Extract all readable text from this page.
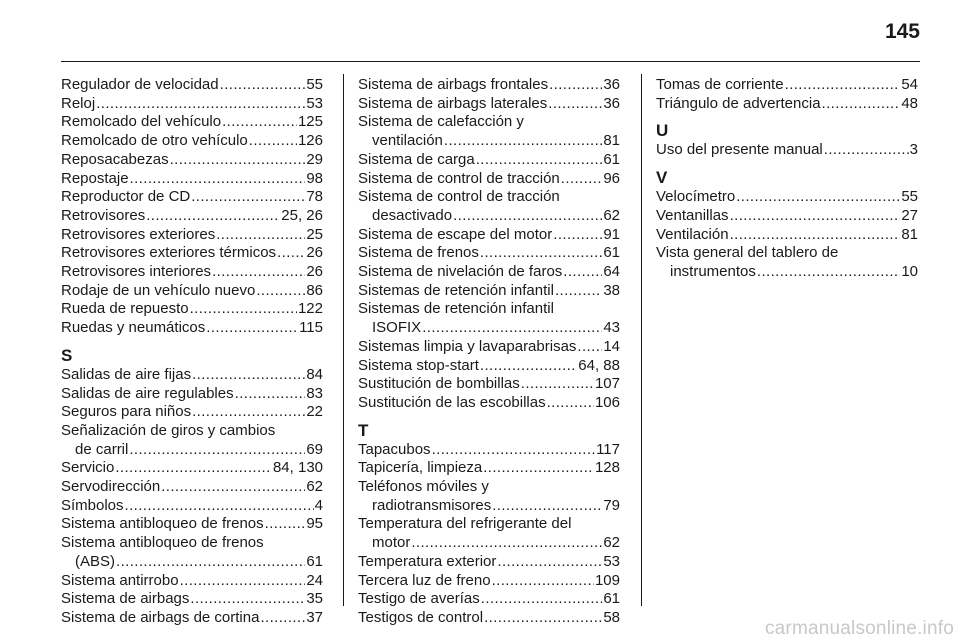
145
Regulador de velocidad .....	55
Reloj .....	53
Remolcado del vehículo .....	125
Remolcado de otro vehículo .....	126
Reposacabezas .....	29
Repostaje .....	98
Reproductor de CD .....	78
Retrovisores .....	25, 26
Retrovisores exteriores .....	25
Retrovisores exteriores térmicos ..... 26
Retrovisores interiores .....	26
Rodaje de un vehículo nuevo .....	86
Rueda de repuesto .....	122
Ruedas y neumáticos .....	115
S
Salidas de aire fijas .....	84
Salidas de aire regulables .....	83
Seguros para niños .....	22
Señalización de giros y cambios
de carril .....	69
Servicio .....	84, 130
Servodirección .....	62
Símbolos .....	4
Sistema antibloqueo de frenos .....	95
Sistema antibloqueo de frenos
(ABS) .....	61
Sistema antirrobo .....	24
Sistema de airbags .....	35
Sistema de airbags de cortina .....	37
Sistema de airbags frontales .....	36
Sistema de airbags laterales .....	36
Sistema de calefacción y
ventilación .....	81
Sistema de carga .....	61
Sistema de control de tracción .....	96
Sistema de control de tracción
desactivado .....	62
Sistema de escape del motor .....	91
Sistema de frenos .....	61
Sistema de nivelación de faros .....	64
Sistemas de retención infantil .....	38
Sistemas de retención infantil
ISOFIX .....	43
Sistemas limpia y lavaparabrisas ..... 14
Sistema stop-start .....	64, 88
Sustitución de bombillas .....	107
Sustitución de las escobillas .....	106
T
Tapacubos .....	117
Tapicería, limpieza .....	128
Teléfonos móviles y
radiotransmisores .....	79
Temperatura del refrigerante del
motor .....	62
Temperatura exterior .....	53
Tercera luz de freno .....	109
Testigo de averías .....	61
Testigos de control .....	58
Tomas de corriente .....	54
Triángulo de advertencia .....	48
U
Uso del presente manual .....	3
V
Velocímetro .....	55
Ventanillas .....	27
Ventilación .....	81
Vista general del tablero de
instrumentos .....	10
carmanualsonline.info
